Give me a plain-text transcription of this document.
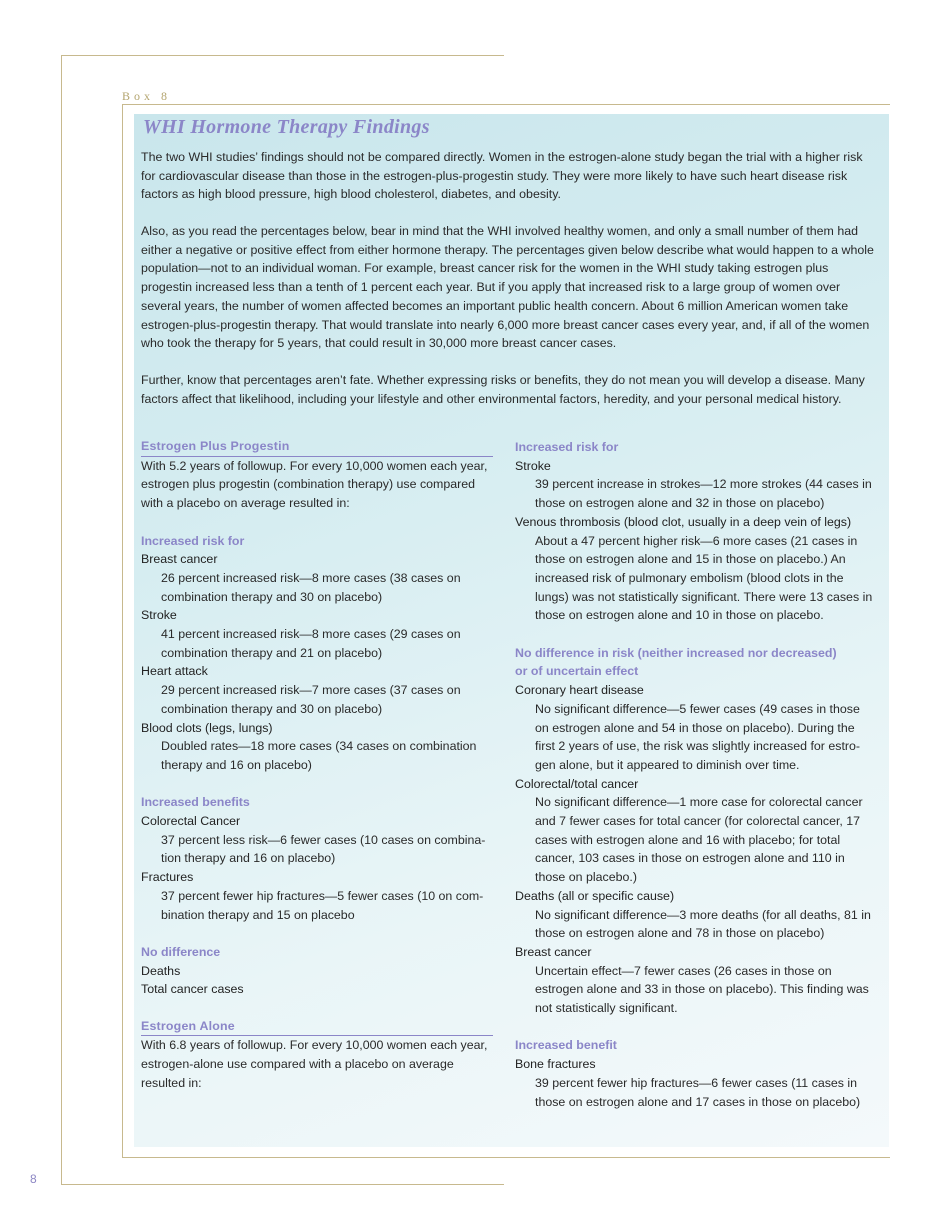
Box 8
8
WHI Hormone Therapy Findings

The two WHI studies’ findings should not be compared directly. Women in the estrogen-alone study began the trial with a higher risk for cardiovascular disease than those in the estrogen-plus-progestin study. They were more likely to have such heart disease risk factors as high blood pressure, high blood cholesterol, diabetes, and obesity.

Also, as you read the percentages below, bear in mind that the WHI involved healthy women, and only a small number of them had either a negative or positive effect from either hormone therapy. The percentages given below describe what would happen to a whole population—not to an individual woman. For example, breast cancer risk for the women in the WHI study taking estrogen plus progestin increased less than a tenth of 1 percent each year. But if you apply that increased risk to a large group of women over several years, the number of women affected becomes an important public health concern. About 6 million American women take estrogen-plus-progestin therapy. That would translate into nearly 6,000 more breast cancer cases every year, and, if all of the women who took the therapy for 5 years, that could result in 30,000 more breast cancer cases.

Further, know that percentages aren’t fate. Whether expressing risks or benefits, they do not mean you will develop a disease. Many factors affect that likelihood, including your lifestyle and other environmental factors, heredity, and your personal medical history.

Estrogen Plus Progestin
With 5.2 years of followup. For every 10,000 women each year, estrogen plus progestin (combination therapy) use compared with a placebo on average resulted in:
Increased risk for
Breast cancer
26 percent increased risk—8 more cases (38 cases on combination therapy and 30 on placebo)
Stroke
41 percent increased risk—8 more cases (29 cases on combination therapy and 21 on placebo)
Heart attack
29 percent increased risk—7 more cases (37 cases on combination therapy and 30 on placebo)
Blood clots (legs, lungs)
Doubled rates—18 more cases (34 cases on combination therapy and 16 on placebo)
Increased benefits
Colorectal Cancer
37 percent less risk—6 fewer cases (10 cases on combina-tion therapy and 16 on placebo)
Fractures
37 percent fewer hip fractures—5 fewer cases (10 on com-bination therapy and 15 on placebo
No difference
Deaths
Total cancer cases
Estrogen Alone
With 6.8 years of followup. For every 10,000 women each year, estrogen-alone use compared with a placebo on average resulted in:
Increased risk for
Stroke
39 percent increase in strokes—12 more strokes (44 cases in those on estrogen alone and 32 in those on placebo)
Venous thrombosis (blood clot, usually in a deep vein of legs)
About a 47 percent higher risk—6 more cases (21 cases in those on estrogen alone and 15 in those on placebo.) An increased risk of pulmonary embolism (blood clots in the lungs) was not statistically significant. There were 13 cases in those on estrogen alone and 10 in those on placebo.
No difference in risk (neither increased nor decreased)
or of uncertain effect
Coronary heart disease
No significant difference—5 fewer cases (49 cases in those on estrogen alone and 54 in those on placebo). During the first 2 years of use, the risk was slightly increased for estro-gen alone, but it appeared to diminish over time.
Colorectal/total cancer
No significant difference—1 more case for colorectal cancer and 7 fewer cases for total cancer (for colorectal cancer, 17 cases with estrogen alone and 16 with placebo; for total cancer, 103 cases in those on estrogen alone and 110 in those on placebo.)
Deaths (all or specific cause)
No significant difference—3 more deaths (for all deaths, 81 in those on estrogen alone and 78 in those on placebo)
Breast cancer
Uncertain effect—7 fewer cases (26 cases in those on estrogen alone and 33 in those on placebo). This finding was not statistically significant.
Increased benefit
Bone fractures
39 percent fewer hip fractures—6 fewer cases (11 cases in those on estrogen alone and 17 cases in those on placebo)
